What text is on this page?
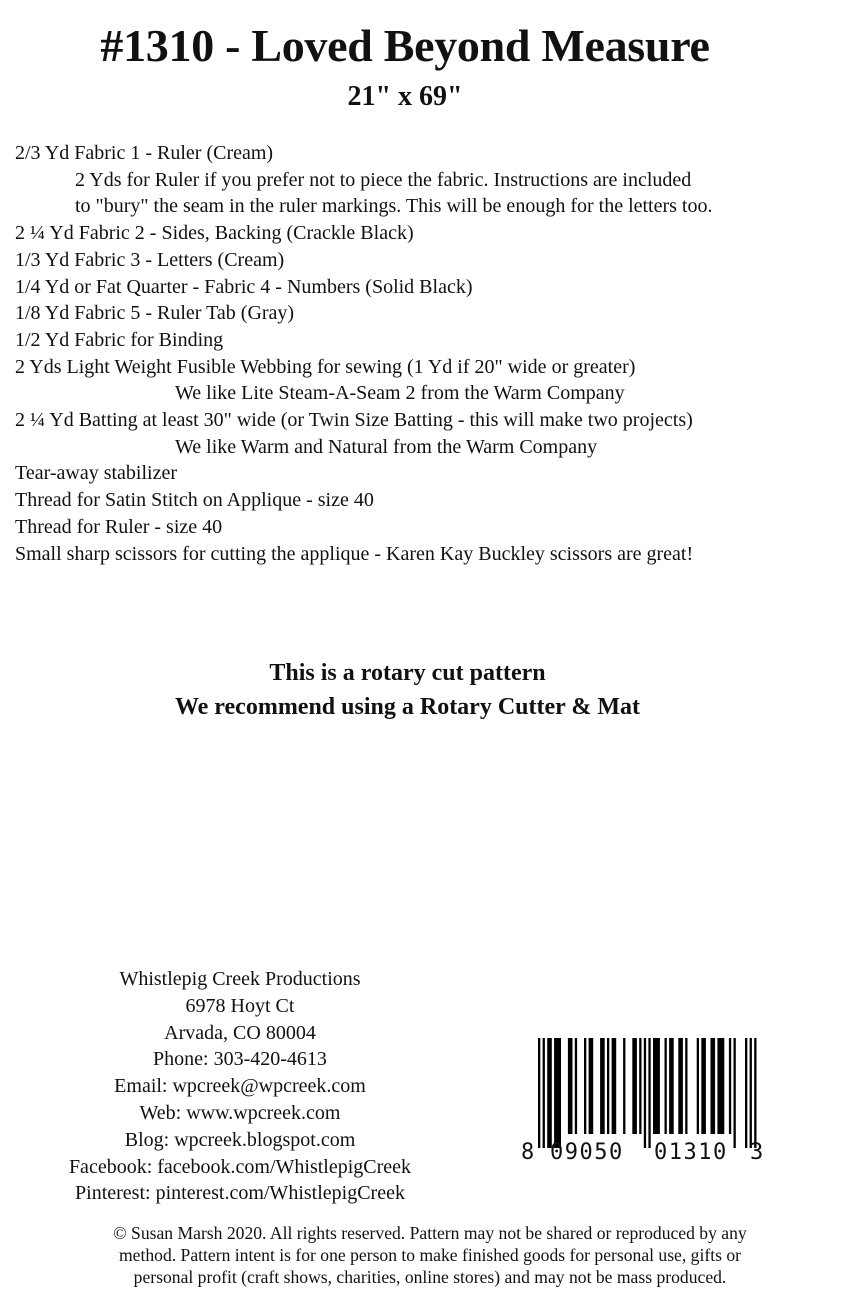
#1310 - Loved Beyond Measure
21" x 69"
2/3 Yd Fabric 1 - Ruler (Cream)
2 Yds for Ruler if you prefer not to piece the fabric. Instructions are included
to "bury" the seam in the ruler markings. This will be enough for the letters too.
2 ¼ Yd Fabric 2 - Sides, Backing (Crackle Black)
1/3 Yd Fabric 3 - Letters (Cream)
1/4 Yd or Fat Quarter - Fabric 4 - Numbers (Solid Black)
1/8 Yd Fabric 5 - Ruler Tab (Gray)
1/2 Yd Fabric for Binding
2 Yds Light Weight Fusible Webbing for sewing (1 Yd if 20" wide or greater)
We like Lite Steam-A-Seam 2 from the Warm Company
2 ¼ Yd Batting at least 30" wide (or Twin Size Batting - this will make two projects)
We like Warm and Natural from the Warm Company
Tear-away stabilizer
Thread for Satin Stitch on Applique - size 40
Thread for Ruler - size 40
Small sharp scissors for cutting the applique - Karen Kay Buckley scissors are great!
This is a rotary cut pattern
We recommend using a Rotary Cutter & Mat
Whistlepig Creek Productions
6978 Hoyt Ct
Arvada, CO 80004
Phone: 303-420-4613
Email: wpcreek@wpcreek.com
Web: www.wpcreek.com
Blog: wpcreek.blogspot.com
Facebook: facebook.com/WhistlepigCreek
Pinterest: pinterest.com/WhistlepigCreek
8 09050 01310 3
© Susan Marsh 2020. All rights reserved. Pattern may not be shared or reproduced by any
method. Pattern intent is for one person to make finished goods for personal use, gifts or
personal profit (craft shows, charities, online stores) and may not be mass produced.
